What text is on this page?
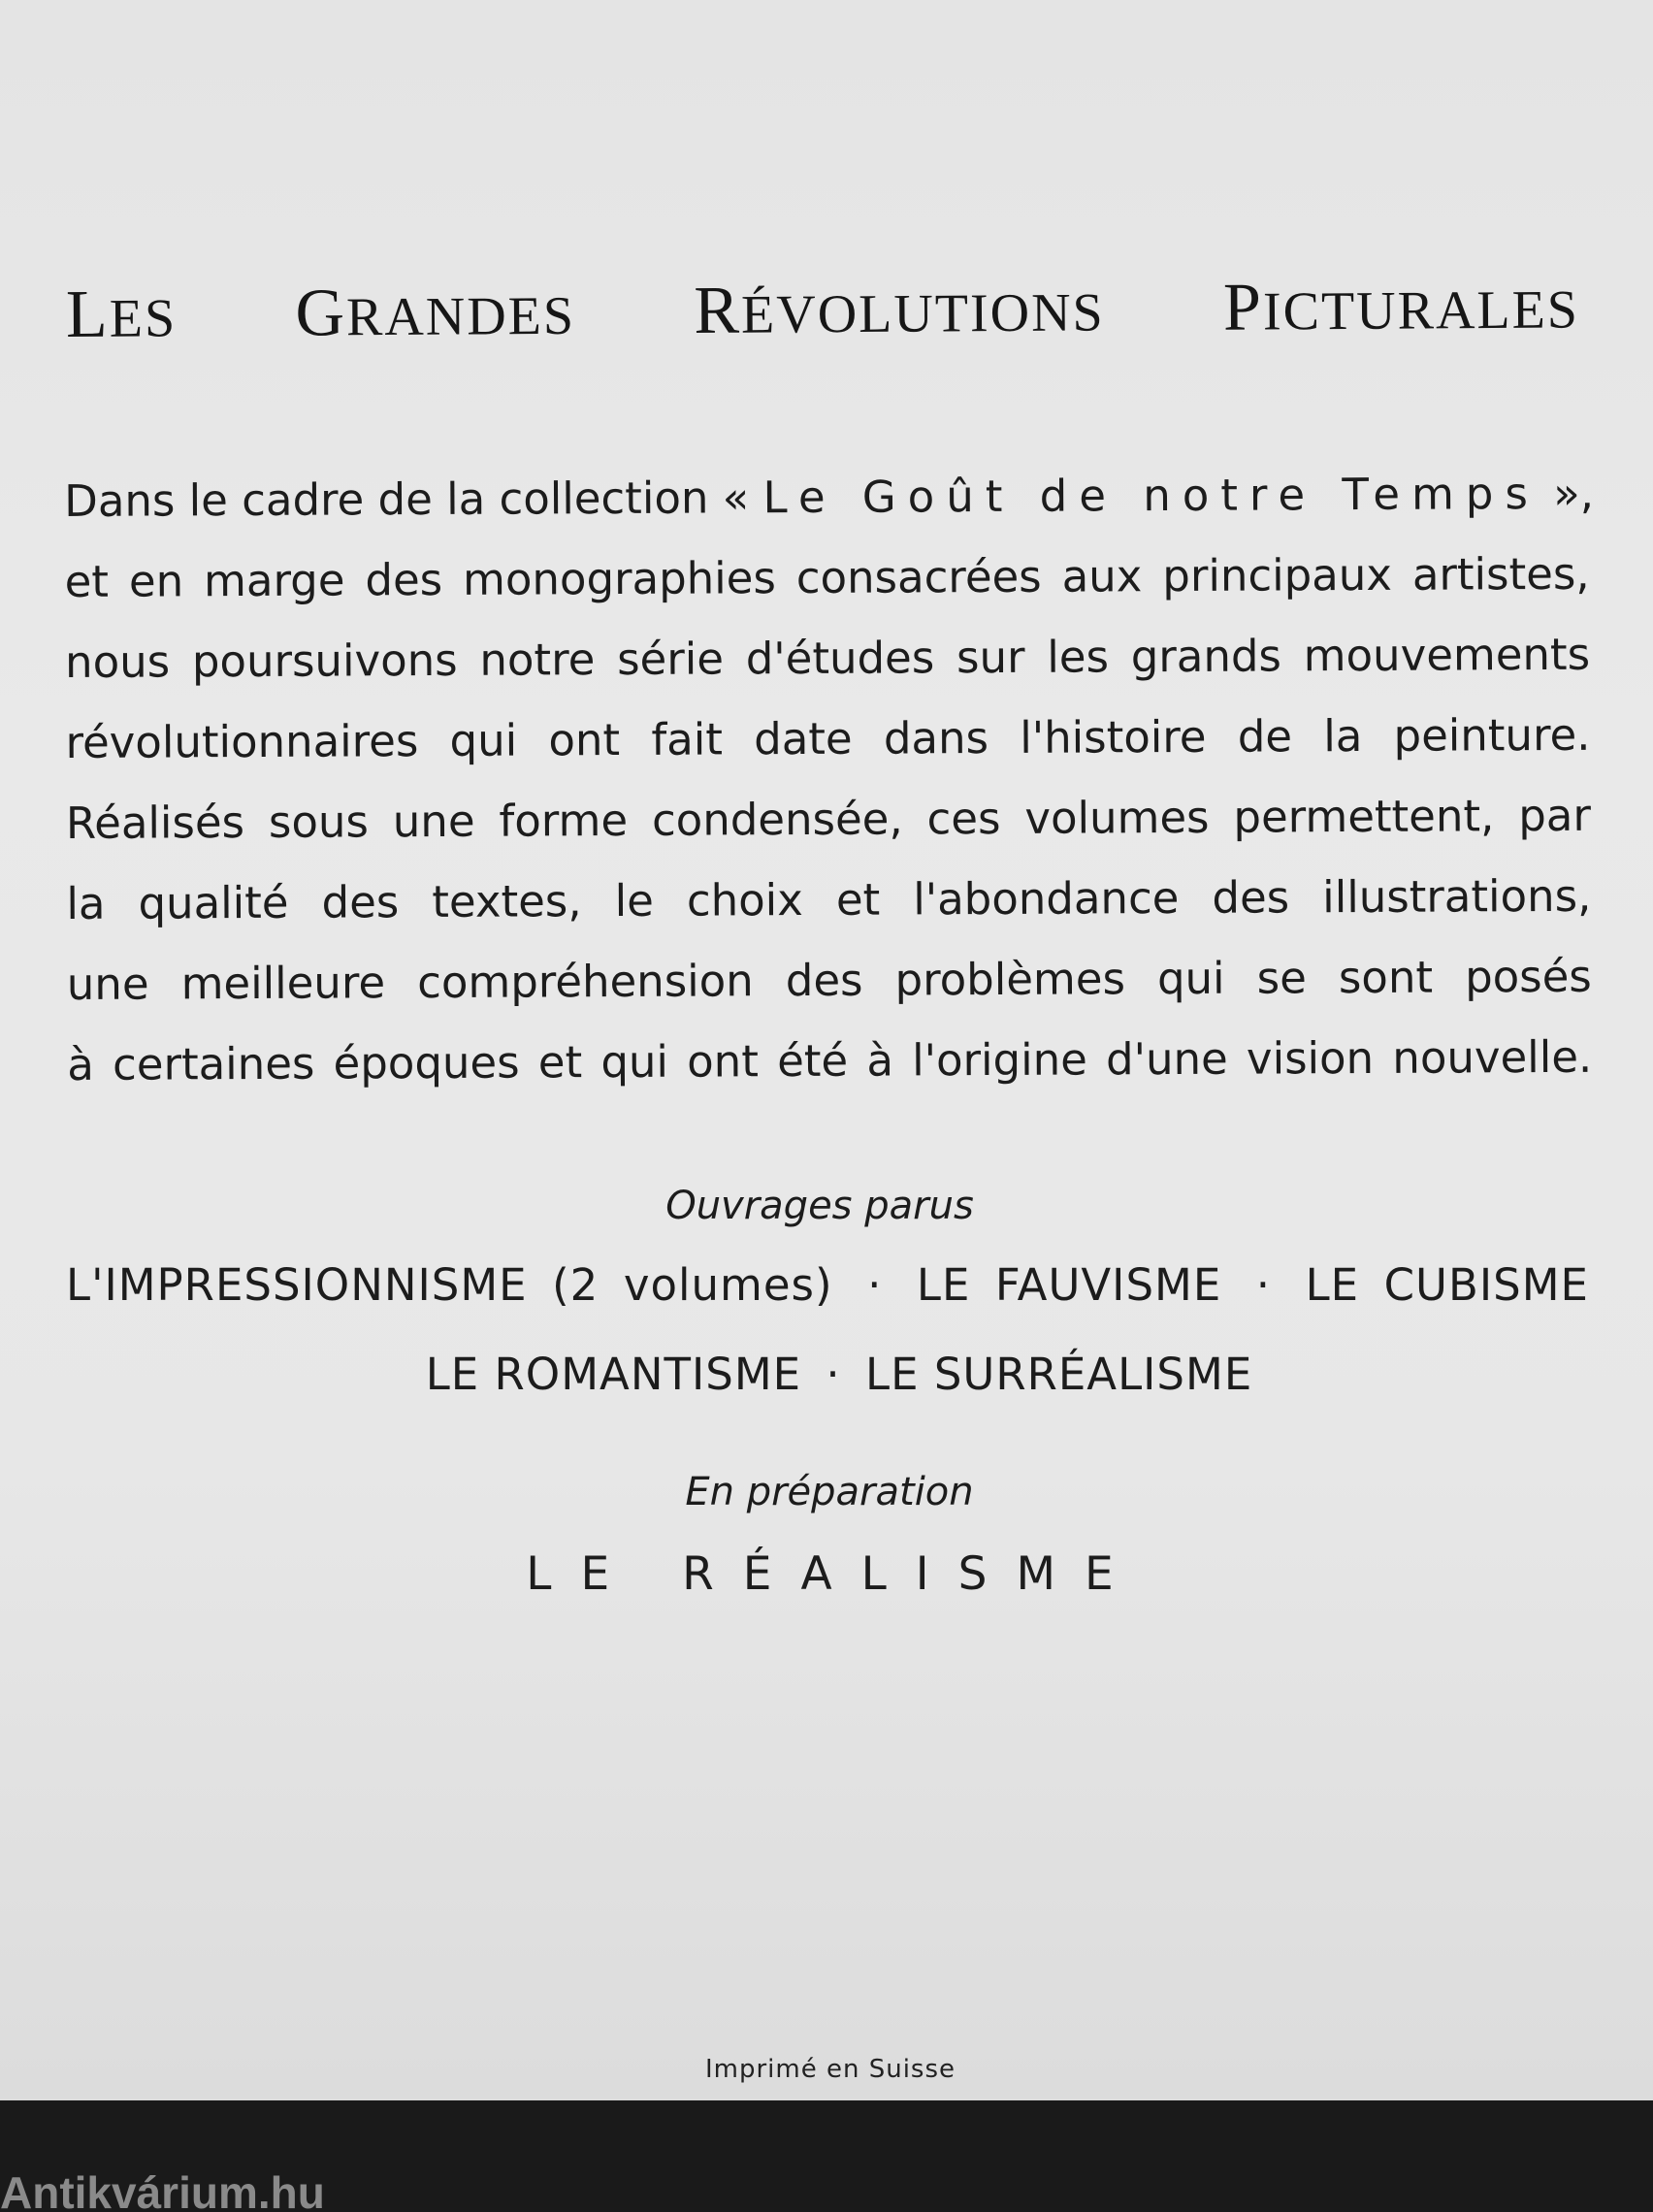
LES GRANDES RÉVOLUTIONS PICTURALES
Dans le cadre de la collection « Le Goût de notre Temps »,
et en marge des monographies consacrées aux principaux artistes,
nous poursuivons notre série d'études sur les grands mouvements
révolutionnaires qui ont fait date dans l'histoire de la peinture.
Réalisés sous une forme condensée, ces volumes permettent, par
la qualité des textes, le choix et l'abondance des illustrations,
une meilleure compréhension des problèmes qui se sont posés
à certaines époques et qui ont été à l'origine d'une vision nouvelle.
Ouvrages parus
L'IMPRESSIONNISME (2 volumes) · LE FAUVISME · LE CUBISME
LE ROMANTISME · LE SURRÉALISME
En préparation
LE RÉALISME
Imprimé en Suisse
Antikvárium.hu
